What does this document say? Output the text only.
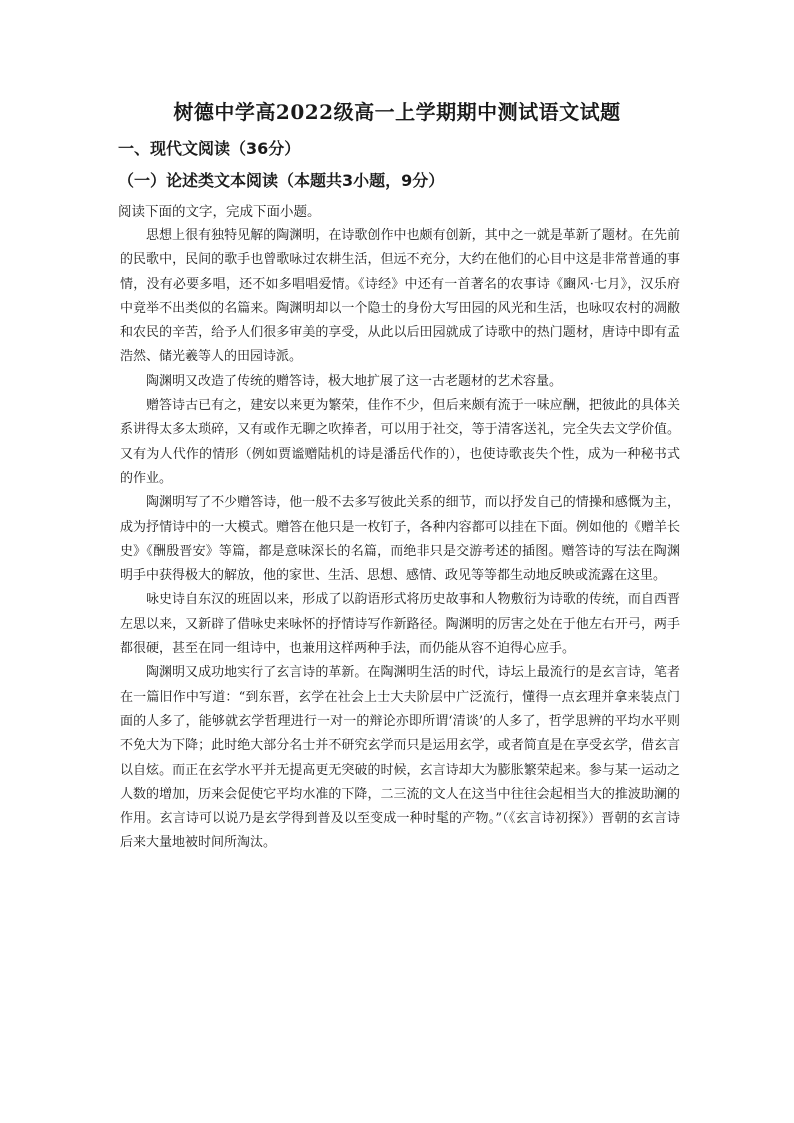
树德中学高2022级高一上学期期中测试语文试题
一、现代文阅读（36分）
（一）论述类文本阅读（本题共3小题，9分）
阅读下面的文字，完成下面小题。

思想上很有独特见解的陶渊明，在诗歌创作中也颇有创新，其中之一就是革新了题材。在先前的民歌中，民间的歌手也曾歌咏过农耕生活，但远不充分，大约在他们的心目中这是非常普通的事情，没有必要多唱，还不如多唱唱爱情。《诗经》中还有一首著名的农事诗《豳风·七月》，汉乐府中竟举不出类似的名篇来。陶渊明却以一个隐士的身份大写田园的风光和生活，也咏叹农村的凋敝和农民的辛苦，给予人们很多审美的享受，从此以后田园就成了诗歌中的热门题材，唐诗中即有孟浩然、储光羲等人的田园诗派。

陶渊明又改造了传统的赠答诗，极大地扩展了这一古老题材的艺术容量。

赠答诗古已有之，建安以来更为繁荣，佳作不少，但后来颇有流于一味应酬，把彼此的具体关系讲得太多太琐碎，又有或作无聊之吹捧者，可以用于社交，等于清客送礼，完全失去文学价值。又有为人代作的情形（例如贾谧赠陆机的诗是潘岳代作的），也使诗歌丧失个性，成为一种秘书式的作业。

陶渊明写了不少赠答诗，他一般不去多写彼此关系的细节，而以抒发自己的情操和感慨为主，成为抒情诗中的一大模式。赠答在他只是一枚钉子，各种内容都可以挂在下面。例如他的《赠羊长史》《酬殷晋安》等篇，都是意味深长的名篇，而绝非只是交游考述的插图。赠答诗的写法在陶渊明手中获得极大的解放，他的家世、生活、思想、感情、政见等等都生动地反映或流露在这里。

咏史诗自东汉的班固以来，形成了以韵语形式将历史故事和人物敷衍为诗歌的传统，而自西晋左思以来，又新辟了借咏史来咏怀的抒情诗写作新路径。陶渊明的厉害之处在于他左右开弓，两手都很硬，甚至在同一组诗中，也兼用这样两种手法，而仍能从容不迫得心应手。

陶渊明又成功地实行了玄言诗的革新。在陶渊明生活的时代，诗坛上最流行的是玄言诗，笔者在一篇旧作中写道：“到东晋，玄学在社会上士大夫阶层中广泛流行，懂得一点玄理并拿来装点门面的人多了，能够就玄学哲理进行一对一的辩论亦即所谓‘清谈’的人多了，哲学思辨的平均水平则不免大为下降；此时绝大部分名士并不研究玄学而只是运用玄学，或者简直是在享受玄学，借玄言以自炫。而正在玄学水平并无提高更无突破的时候，玄言诗却大为膨胀繁荣起来。参与某一运动之人数的增加，历来会促使它平均水准的下降，二三流的文人在这当中往往会起相当大的推波助澜的作用。玄言诗可以说乃是玄学得到普及以至变成一种时髦的产物。”（《玄言诗初探》）晋朝的玄言诗后来大量地被时间所淘汰。
